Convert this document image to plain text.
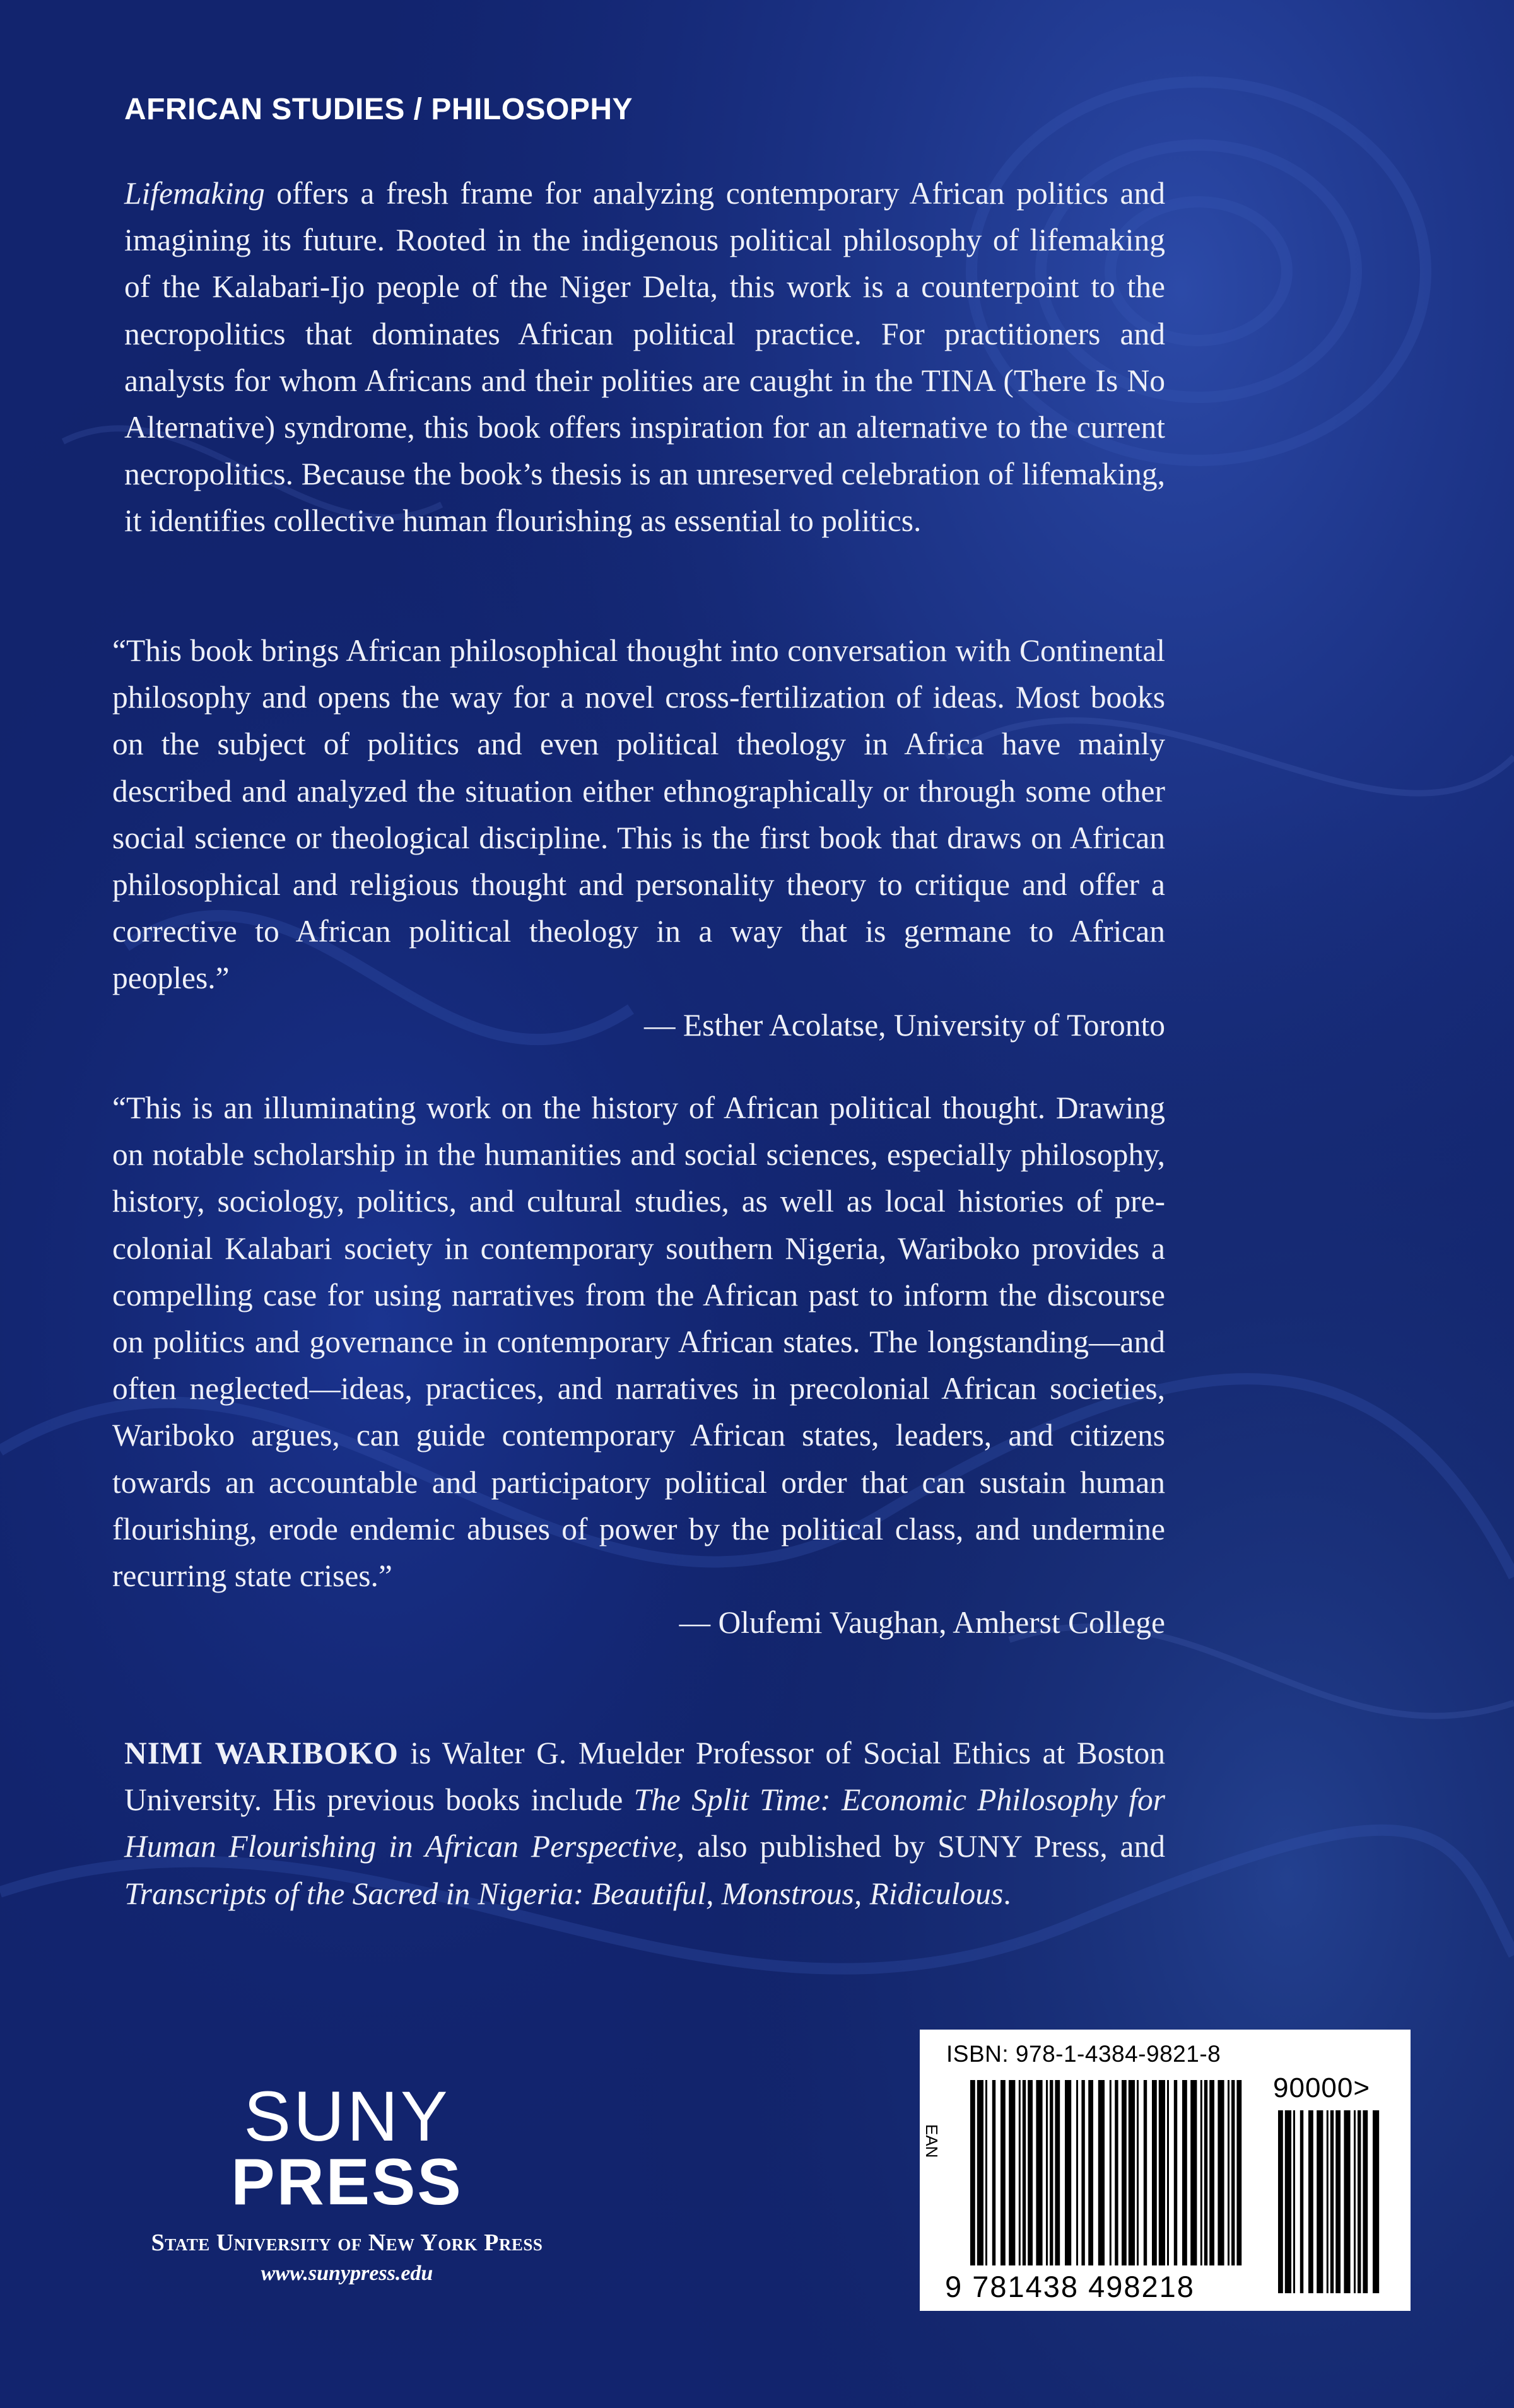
AFRICAN STUDIES / PHILOSOPHY
Lifemaking offers a fresh frame for analyzing contemporary African politics and imagining its future. Rooted in the indigenous political philosophy of lifemaking of the Kalabari-Ijo people of the Niger Delta, this work is a counterpoint to the necropolitics that dominates African political practice. For practitioners and analysts for whom Africans and their polities are caught in the TINA (There Is No Alternative) syndrome, this book offers inspiration for an alternative to the current necropolitics. Because the book’s thesis is an unreserved celebration of lifemaking, it identifies collective human flourishing as essential to politics.
“This book brings African philosophical thought into conversation with Continental philosophy and opens the way for a novel cross-fertilization of ideas. Most books on the subject of politics and even political theology in Africa have mainly described and analyzed the situation either ethnographically or through some other social science or theological discipline. This is the first book that draws on African philosophical and religious thought and personality theory to critique and offer a corrective to African political theology in a way that is germane to African peoples.”
— Esther Acolatse, University of Toronto
“This is an illuminating work on the history of African political thought. Drawing on notable scholarship in the humanities and social sciences, especially philosophy, history, sociology, politics, and cultural studies, as well as local histories of pre-colonial Kalabari society in contemporary southern Nigeria, Wariboko provides a compelling case for using narratives from the African past to inform the discourse on politics and governance in contemporary African states. The longstanding—and often neglected—ideas, practices, and narratives in precolonial African societies, Wariboko argues, can guide contemporary African states, leaders, and citizens towards an accountable and participatory political order that can sustain human flourishing, erode endemic abuses of power by the political class, and undermine recurring state crises.”
— Olufemi Vaughan, Amherst College
NIMI WARIBOKO is Walter G. Muelder Professor of Social Ethics at Boston University. His previous books include The Split Time: Economic Philosophy for Human Flourishing in African Perspective, also published by SUNY Press, and Transcripts of the Sacred in Nigeria: Beautiful, Monstrous, Ridiculous.
SUNY
PRESS
State University of New York Press
www.sunypress.edu
ISBN: 978-1-4384-9821-8
EAN
90000>
9 781438 498218
